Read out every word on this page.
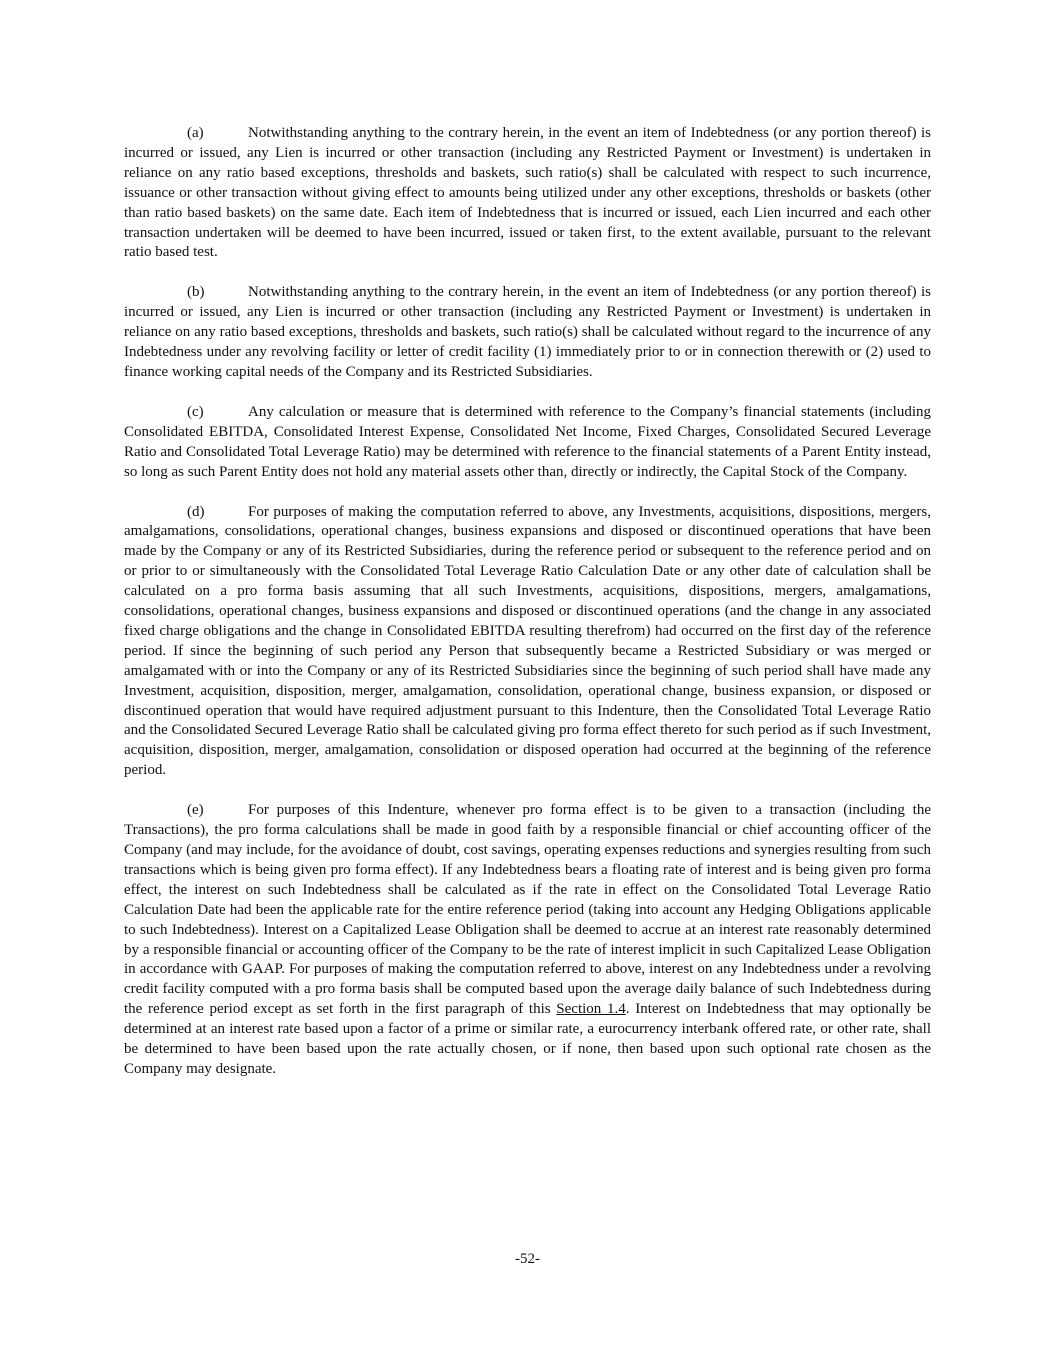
(a)	Notwithstanding anything to the contrary herein, in the event an item of Indebtedness (or any portion thereof) is incurred or issued, any Lien is incurred or other transaction (including any Restricted Payment or Investment) is undertaken in reliance on any ratio based exceptions, thresholds and baskets, such ratio(s) shall be calculated with respect to such incurrence, issuance or other transaction without giving effect to amounts being utilized under any other exceptions, thresholds or baskets (other than ratio based baskets) on the same date. Each item of Indebtedness that is incurred or issued, each Lien incurred and each other transaction undertaken will be deemed to have been incurred, issued or taken first, to the extent available, pursuant to the relevant ratio based test.

(b)	Notwithstanding anything to the contrary herein, in the event an item of Indebtedness (or any portion thereof) is incurred or issued, any Lien is incurred or other transaction (including any Restricted Payment or Investment) is undertaken in reliance on any ratio based exceptions, thresholds and baskets, such ratio(s) shall be calculated without regard to the incurrence of any Indebtedness under any revolving facility or letter of credit facility (1) immediately prior to or in connection therewith or (2) used to finance working capital needs of the Company and its Restricted Subsidiaries.

(c)	Any calculation or measure that is determined with reference to the Company’s financial statements (including Consolidated EBITDA, Consolidated Interest Expense, Consolidated Net Income, Fixed Charges, Consolidated Secured Leverage Ratio and Consolidated Total Leverage Ratio) may be determined with reference to the financial statements of a Parent Entity instead, so long as such Parent Entity does not hold any material assets other than, directly or indirectly, the Capital Stock of the Company.

(d)	For purposes of making the computation referred to above, any Investments, acquisitions, dispositions, mergers, amalgamations, consolidations, operational changes, business expansions and disposed or discontinued operations that have been made by the Company or any of its Restricted Subsidiaries, during the reference period or subsequent to the reference period and on or prior to or simultaneously with the Consolidated Total Leverage Ratio Calculation Date or any other date of calculation shall be calculated on a pro forma basis assuming that all such Investments, acquisitions, dispositions, mergers, amalgamations, consolidations, operational changes, business expansions and disposed or discontinued operations (and the change in any associated fixed charge obligations and the change in Consolidated EBITDA resulting therefrom) had occurred on the first day of the reference period. If since the beginning of such period any Person that subsequently became a Restricted Subsidiary or was merged or amalgamated with or into the Company or any of its Restricted Subsidiaries since the beginning of such period shall have made any Investment, acquisition, disposition, merger, amalgamation, consolidation, operational change, business expansion, or disposed or discontinued operation that would have required adjustment pursuant to this Indenture, then the Consolidated Total Leverage Ratio and the Consolidated Secured Leverage Ratio shall be calculated giving pro forma effect thereto for such period as if such Investment, acquisition, disposition, merger, amalgamation, consolidation or disposed operation had occurred at the beginning of the reference period.

(e)	For purposes of this Indenture, whenever pro forma effect is to be given to a transaction (including the Transactions), the pro forma calculations shall be made in good faith by a responsible financial or chief accounting officer of the Company (and may include, for the avoidance of doubt, cost savings, operating expenses reductions and synergies resulting from such transactions which is being given pro forma effect). If any Indebtedness bears a floating rate of interest and is being given pro forma effect, the interest on such Indebtedness shall be calculated as if the rate in effect on the Consolidated Total Leverage Ratio Calculation Date had been the applicable rate for the entire reference period (taking into account any Hedging Obligations applicable to such Indebtedness). Interest on a Capitalized Lease Obligation shall be deemed to accrue at an interest rate reasonably determined by a responsible financial or accounting officer of the Company to be the rate of interest implicit in such Capitalized Lease Obligation in accordance with GAAP. For purposes of making the computation referred to above, interest on any Indebtedness under a revolving credit facility computed with a pro forma basis shall be computed based upon the average daily balance of such Indebtedness during the reference period except as set forth in the first paragraph of this Section 1.4. Interest on Indebtedness that may optionally be determined at an interest rate based upon a factor of a prime or similar rate, a eurocurrency interbank offered rate, or other rate, shall be determined to have been based upon the rate actually chosen, or if none, then based upon such optional rate chosen as the Company may designate.

-52-
